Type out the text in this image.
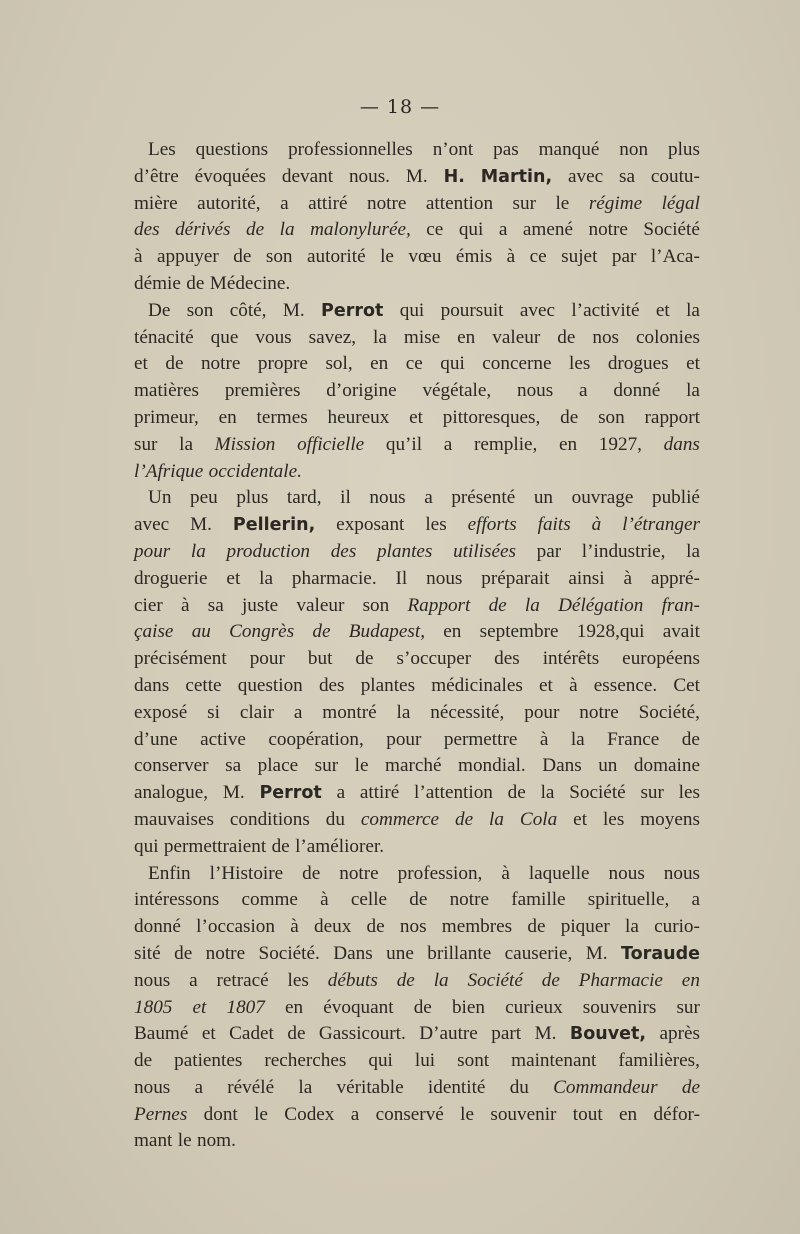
— 18 —
Les questions professionnelles n’ont pas manqué non plus
d’être évoquées devant nous. M. H. Martin, avec sa coutu-
mière autorité, a attiré notre attention sur le régime légal
des dérivés de la malonylurée, ce qui a amené notre Société
à appuyer de son autorité le vœu émis à ce sujet par l’Aca-
démie de Médecine.
De son côté, M. Perrot qui poursuit avec l’activité et la
ténacité que vous savez, la mise en valeur de nos colonies
et de notre propre sol, en ce qui concerne les drogues et
matières premières d’origine végétale, nous a donné la
primeur, en termes heureux et pittoresques, de son rapport
sur la Mission officielle qu’il a remplie, en 1927, dans
l’Afrique occidentale.
Un peu plus tard, il nous a présenté un ouvrage publié
avec M. Pellerin, exposant les efforts faits à l’étranger
pour la production des plantes utilisées par l’industrie, la
droguerie et la pharmacie. Il nous préparait ainsi à appré-
cier à sa juste valeur son Rapport de la Délégation fran-
çaise au Congrès de Budapest, en septembre 1928,qui avait
précisément pour but de s’occuper des intérêts européens
dans cette question des plantes médicinales et à essence. Cet
exposé si clair a montré la nécessité, pour notre Société,
d’une active coopération, pour permettre à la France de
conserver sa place sur le marché mondial. Dans un domaine
analogue, M. Perrot a attiré l’attention de la Société sur les
mauvaises conditions du commerce de la Cola et les moyens
qui permettraient de l’améliorer.
Enfin l’Histoire de notre profession, à laquelle nous nous
intéressons comme à celle de notre famille spirituelle, a
donné l’occasion à deux de nos membres de piquer la curio-
sité de notre Société. Dans une brillante causerie, M. Toraude
nous a retracé les débuts de la Société de Pharmacie en
1805 et 1807 en évoquant de bien curieux souvenirs sur
Baumé et Cadet de Gassicourt. D’autre part M. Bouvet, après
de patientes recherches qui lui sont maintenant familières,
nous a révélé la véritable identité du Commandeur de
Pernes dont le Codex a conservé le souvenir tout en défor-
mant le nom.
